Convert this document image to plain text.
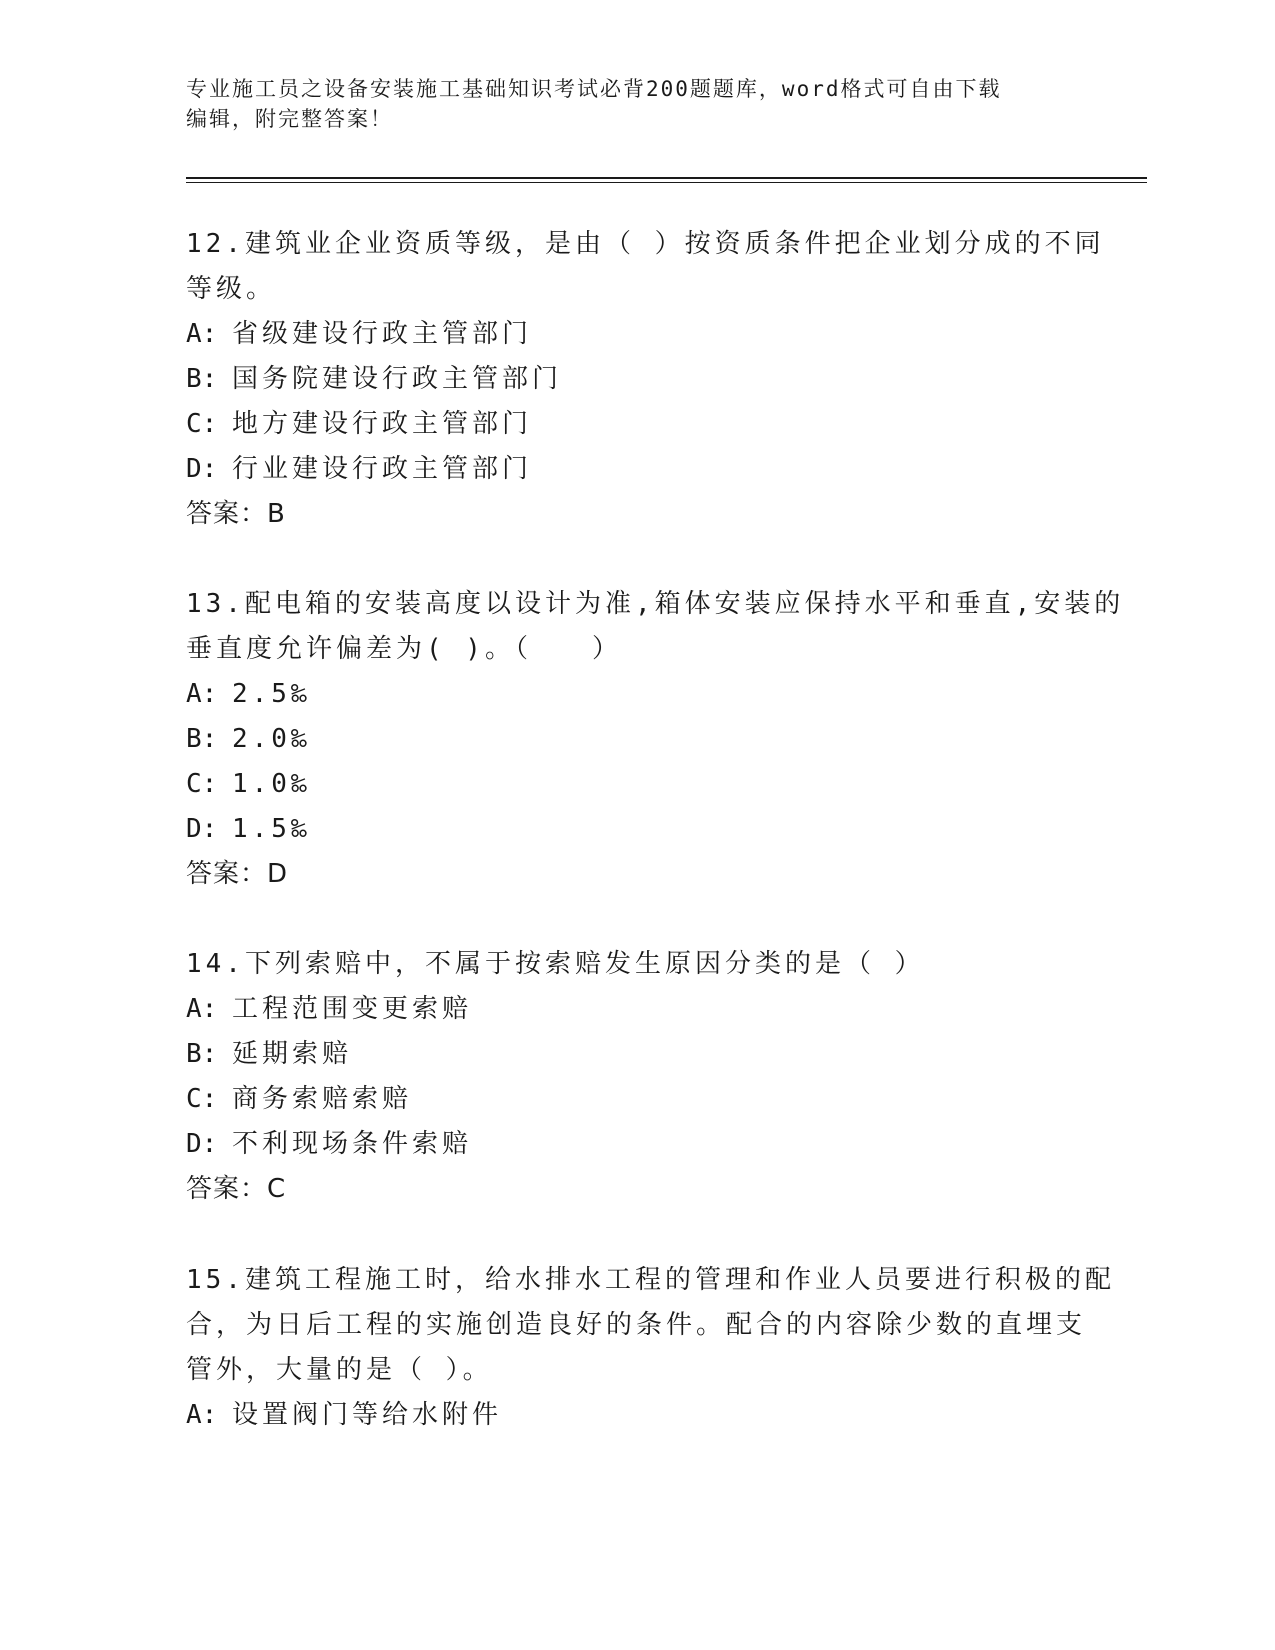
专业施工员之设备安装施工基础知识考试必背200题题库，word格式可自由下载
编辑，附完整答案！
12.建筑业企业资质等级，是由（ ）按资质条件把企业划分成的不同
等级。
A: 省级建设行政主管部门
B: 国务院建设行政主管部门
C: 地方建设行政主管部门
D: 行业建设行政主管部门
答案：B
13.配电箱的安装高度以设计为准,箱体安装应保持水平和垂直,安装的
垂直度允许偏差为( )。（　　）
A: 2.5‰
B: 2.0‰
C: 1.0‰
D: 1.5‰
答案：D
14.下列索赔中，不属于按索赔发生原因分类的是（ ）
A: 工程范围变更索赔
B: 延期索赔
C: 商务索赔索赔
D: 不利现场条件索赔
答案：C
15.建筑工程施工时，给水排水工程的管理和作业人员要进行积极的配
合，为日后工程的实施创造良好的条件。配合的内容除少数的直埋支
管外，大量的是（ ）。
A: 设置阀门等给水附件
